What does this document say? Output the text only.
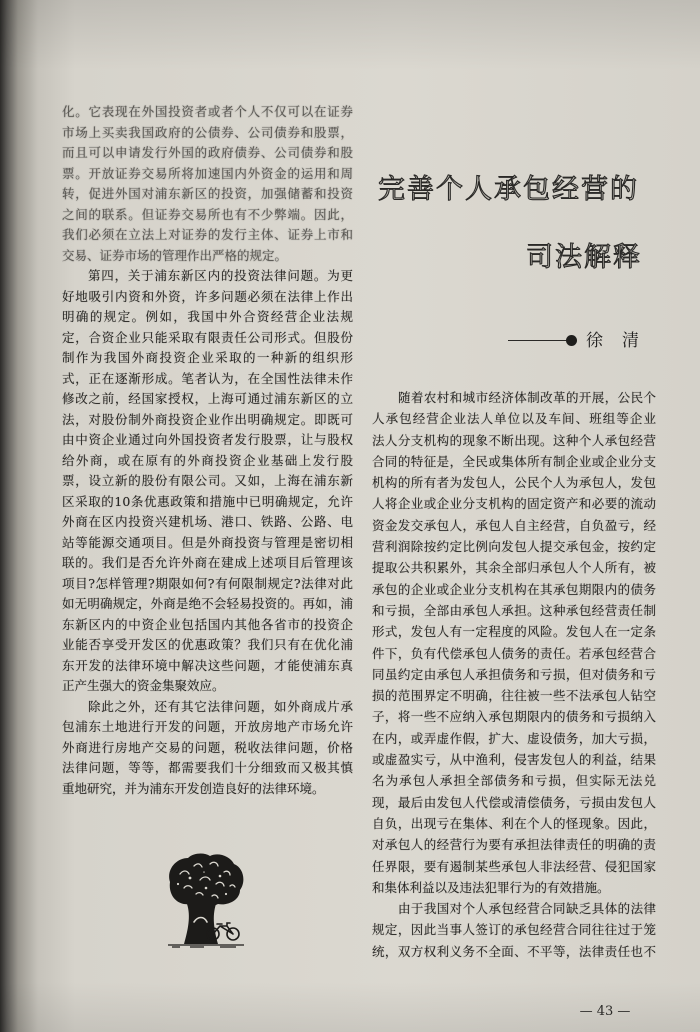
化。它表现在外国投资者或者个人不仅可以在证券
市场上买卖我国政府的公债券、公司债券和股票，
而且可以申请发行外国的政府债券、公司债券和股
票。开放证券交易所将加速国内外资金的运用和周
转，促进外国对浦东新区的投资，加强储蓄和投资
之间的联系。但证券交易所也有不少弊端。因此，
我们必须在立法上对证券的发行主体、证券上市和
交易、证券市场的管理作出严格的规定。
第四，关于浦东新区内的投资法律问题。为更
好地吸引内资和外资，许多问题必须在法律上作出
明确的规定。例如，我国中外合资经营企业法规
定，合资企业只能采取有限责任公司形式。但股份
制作为我国外商投资企业采取的一种新的组织形
式，正在逐渐形成。笔者认为，在全国性法律未作
修改之前，经国家授权，上海可通过浦东新区的立
法，对股份制外商投资企业作出明确规定。即既可
由中资企业通过向外国投资者发行股票，让与股权
给外商，或在原有的外商投资企业基础上发行股
票，设立新的股份有限公司。又如，上海在浦东新
区采取的10条优惠政策和措施中已明确规定，允许
外商在区内投资兴建机场、港口、铁路、公路、电
站等能源交通项目。但是外商投资与管理是密切相
联的。我们是否允许外商在建成上述项目后管理该
项目?怎样管理?期限如何?有何限制规定?法律对此
如无明确规定，外商是绝不会轻易投资的。再如，浦
东新区内的中资企业包括国内其他各省市的投资企
业能否享受开发区的优惠政策？我们只有在优化浦
东开发的法律环境中解决这些问题，才能使浦东真
正产生强大的资金集聚效应。
除此之外，还有其它法律问题，如外商成片承
包浦东土地进行开发的问题，开放房地产市场允许
外商进行房地产交易的问题，税收法律问题，价格
法律问题，等等，都需要我们十分细致而又极其慎
重地研究，并为浦东开发创造良好的法律环境。
完善个人承包经营的
司法解释
徐　清
随着农村和城市经济体制改革的开展，公民个
人承包经营企业法人单位以及车间、班组等企业
法人分支机构的现象不断出现。这种个人承包经营
合同的特征是，全民或集体所有制企业或企业分支
机构的所有者为发包人，公民个人为承包人，发包
人将企业或企业分支机构的固定资产和必要的流动
资金发交承包人，承包人自主经营，自负盈亏，经
营利润除按约定比例向发包人提交承包金，按约定
提取公共积累外，其余全部归承包人个人所有，被
承包的企业或企业分支机构在其承包期限内的债务
和亏损，全部由承包人承担。这种承包经营责任制
形式，发包人有一定程度的风险。发包人在一定条
件下，负有代偿承包人债务的责任。若承包经营合
同虽约定由承包人承担债务和亏损，但对债务和亏
损的范围界定不明确，往往被一些不法承包人钻空
子，将一些不应纳入承包期限内的债务和亏损纳入
在内，或弄虚作假，扩大、虚设债务，加大亏损，
或虚盈实亏，从中渔利，侵害发包人的利益，结果
名为承包人承担全部债务和亏损，但实际无法兑
现，最后由发包人代偿或清偿债务，亏损由发包人
自负，出现亏在集体、利在个人的怪现象。因此，
对承包人的经营行为要有承担法律责任的明确的责
任界限，要有遏制某些承包人非法经营、侵犯国家
和集体利益以及违法犯罪行为的有效措施。
由于我国对个人承包经营合同缺乏具体的法律
规定，因此当事人签订的承包经营合同往往过于笼
统，双方权利义务不全面、不平等，法律责任也不
— 43 —
